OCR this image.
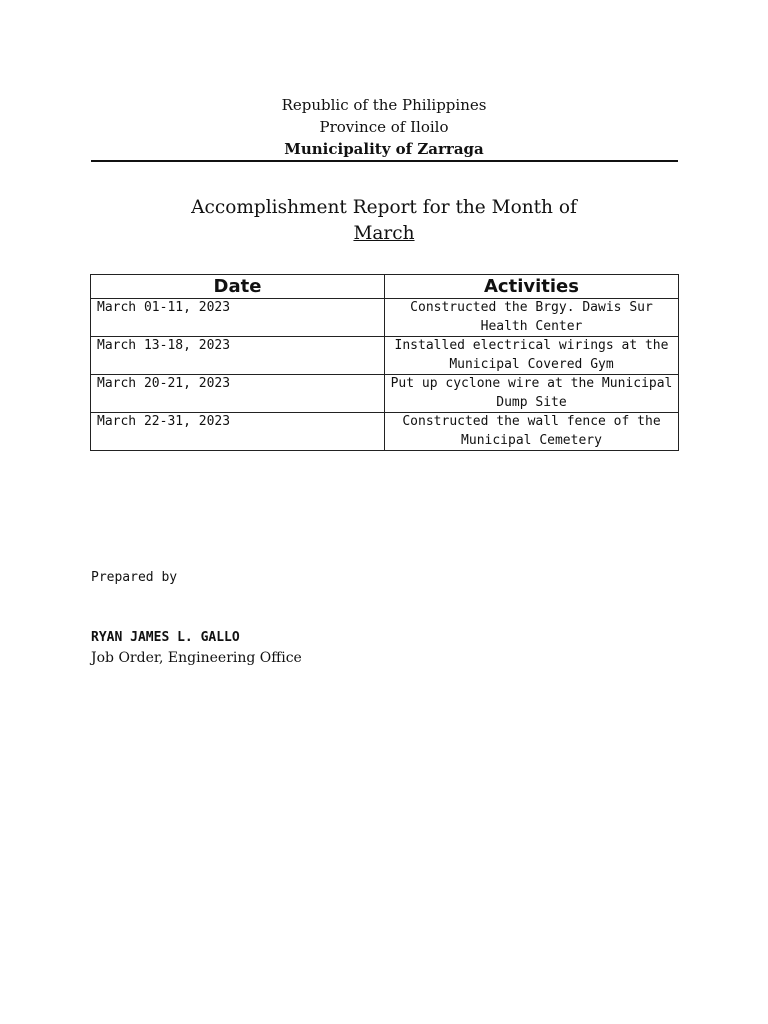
Republic of the Philippines
Province of Iloilo
Municipality of Zarraga
Accomplishment Report for the Month of
March
Date	Activities
March 01-11, 2023	Constructed the Brgy. Dawis Sur
Health Center

March 13-18, 2023	Installed electrical wirings at the
Municipal Covered Gym

March 20-21, 2023	Put up cyclone wire at the Municipal
Dump Site

March 22-31, 2023	Constructed the wall fence of the
Municipal Cemetery
Prepared by
RYAN JAMES L. GALLO
Job Order, Engineering Office
